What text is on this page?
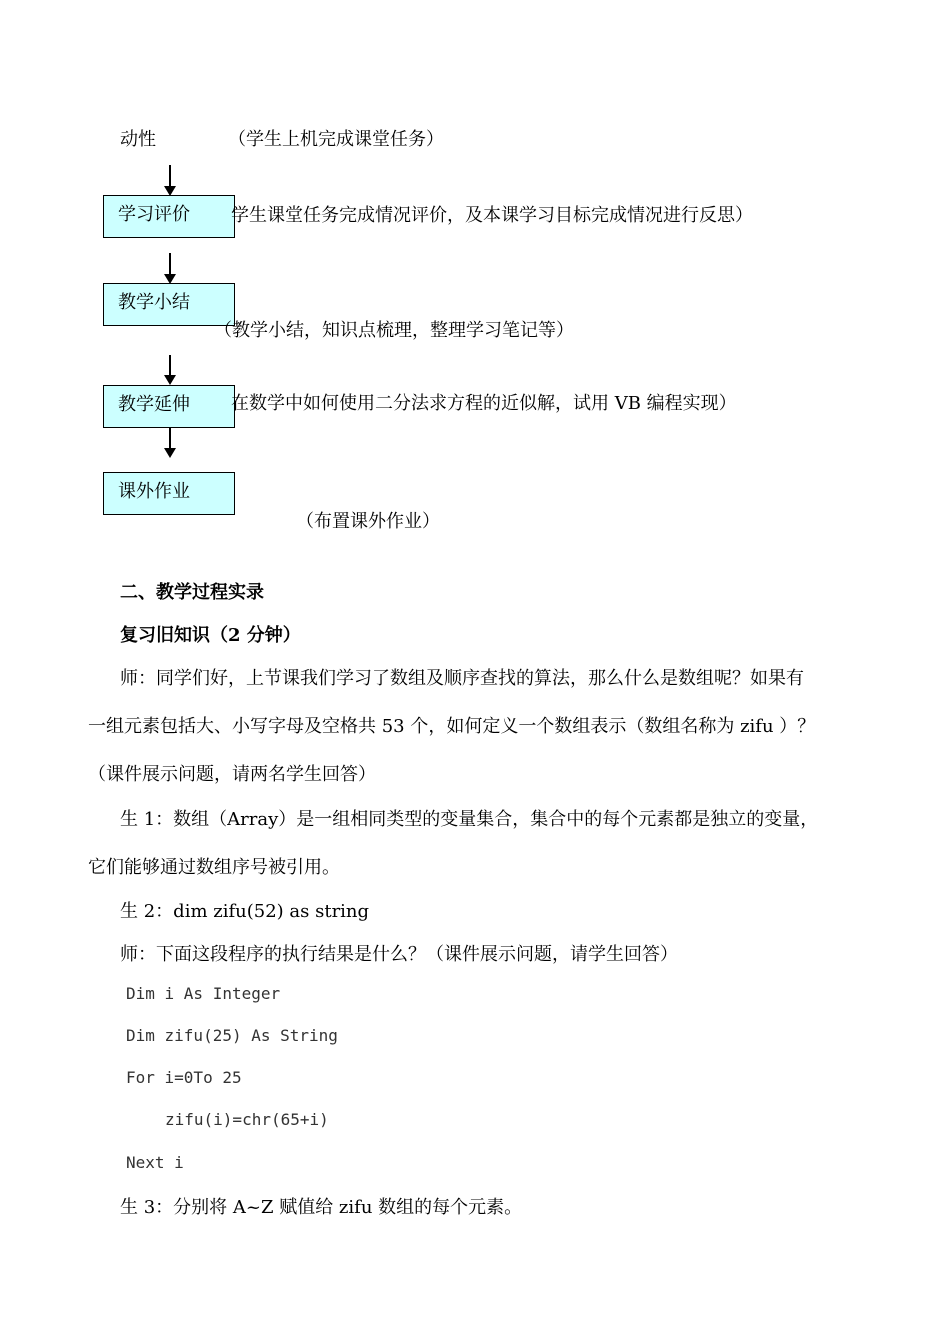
动性	（学生上机完成课堂任务）
学习评价	学生课堂任务完成情况评价，及本课学习目标完成情况进行反思）
教学小结
（教学小结，知识点梳理，整理学习笔记等）
教学延伸	在数学中如何使用二分法求方程的近似解，试用 VB 编程实现）
课外作业
（布置课外作业）
二、教学过程实录
复习旧知识（2 分钟）
师：同学们好，上节课我们学习了数组及顺序查找的算法，那么什么是数组呢？如果有
一组元素包括大、小写字母及空格共 53 个，如何定义一个数组表示（数组名称为 zifu ）？
（课件展示问题，请两名学生回答）
生 1：数组（Array）是一组相同类型的变量集合，集合中的每个元素都是独立的变量，
它们能够通过数组序号被引用。
生 2：dim zifu(52) as string
师：下面这段程序的执行结果是什么？（课件展示问题，请学生回答）
Dim i As Integer
Dim zifu(25) As String
For i=0To 25
zifu(i)=chr(65+i)
Next i
生 3：分别将 A~Z 赋值给 zifu 数组的每个元素。
